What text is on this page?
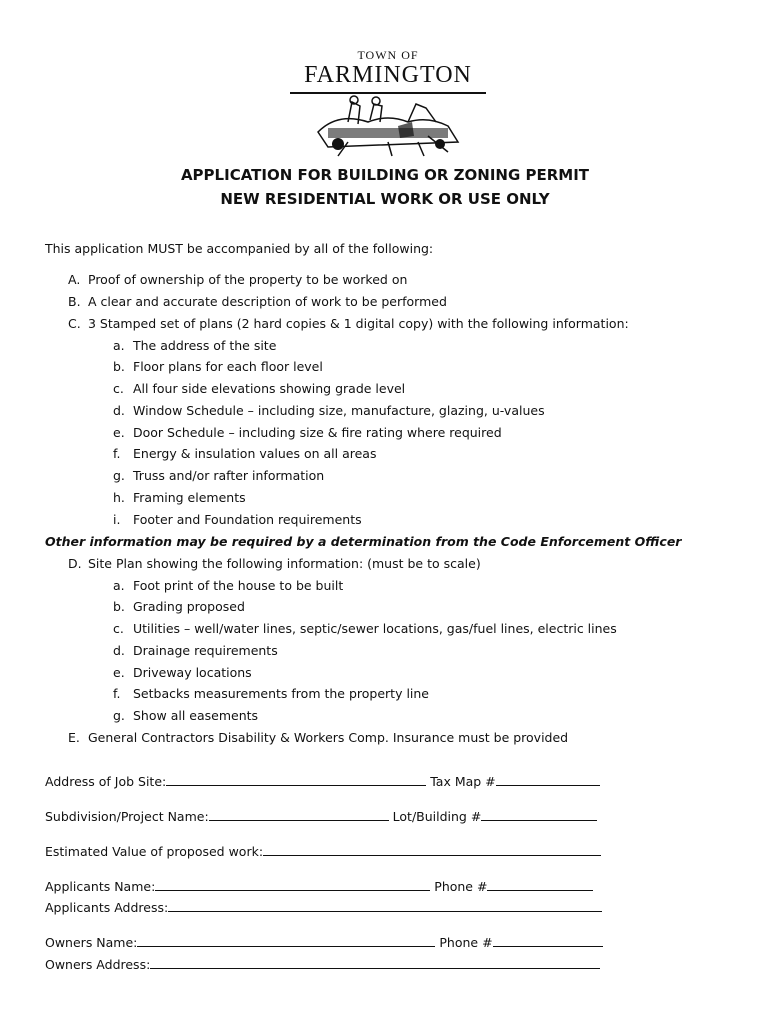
TOWN OF
FARMINGTON
APPLICATION FOR BUILDING OR ZONING PERMIT
NEW RESIDENTIAL WORK OR USE ONLY
This application MUST be accompanied by all of the following:
A. Proof of ownership of the property to be worked on
B. A clear and accurate description of work to be performed
C. 3 Stamped set of plans (2 hard copies & 1 digital copy) with the following information:
a. The address of the site
b. Floor plans for each floor level
c. All four side elevations showing grade level
d. Window Schedule – including size, manufacture, glazing, u-values
e. Door Schedule – including size & fire rating where required
f. Energy & insulation values on all areas
g. Truss and/or rafter information
h. Framing elements
i. Footer and Foundation requirements
Other information may be required by a determination from the Code Enforcement Officer
D. Site Plan showing the following information: (must be to scale)
a. Foot print of the house to be built
b. Grading proposed
c. Utilities – well/water lines, septic/sewer locations, gas/fuel lines, electric lines
d. Drainage requirements
e. Driveway locations
f. Setbacks measurements from the property line
g. Show all easements
E. General Contractors Disability & Workers Comp. Insurance must be provided
Address of Job Site:	Tax Map #
Subdivision/Project Name:	Lot/Building #
Estimated Value of proposed work:
Applicants Name:	Phone #
Applicants Address:
Owners Name:	Phone #
Owners Address:
